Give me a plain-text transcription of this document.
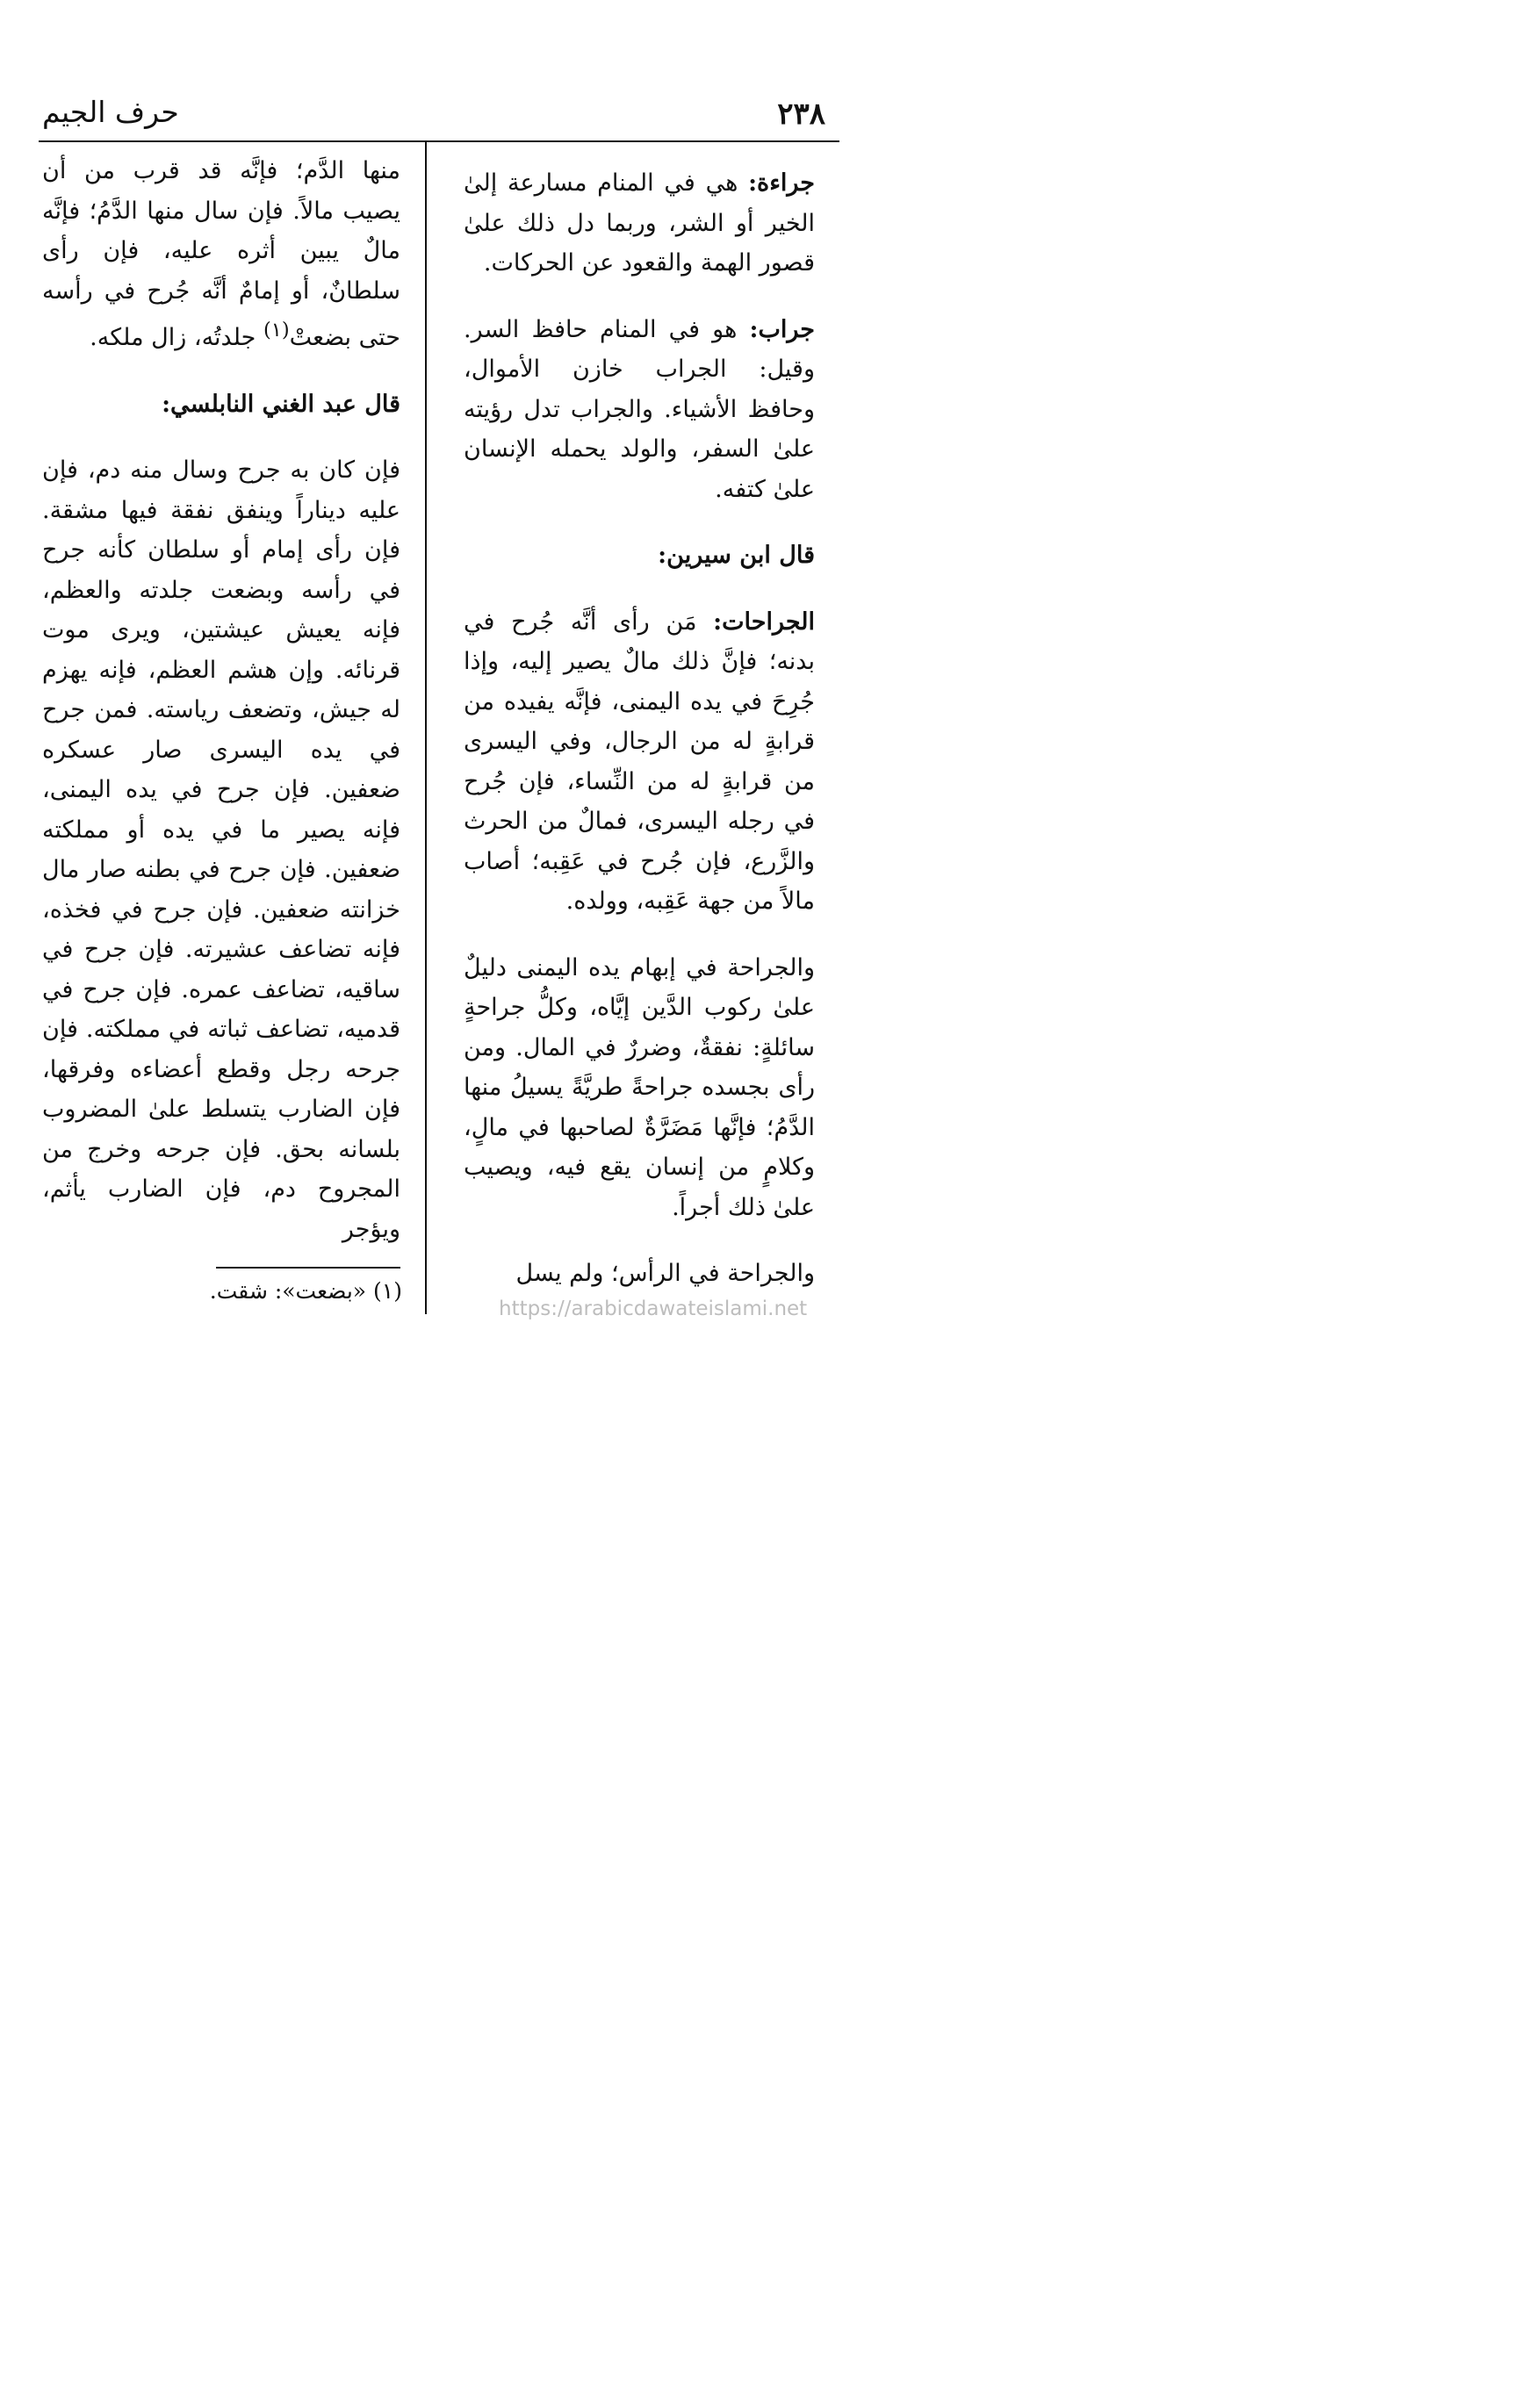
٢٣٨
حرف الجيم

جراءة: هي في المنام مسارعة إلىٰ الخير أو الشر، وربما دل ذلك علىٰ قصور الهمة والقعود عن الحركات.

جراب: هو في المنام حافظ السر. وقيل: الجراب خازن الأموال، وحافظ الأشياء. والجراب تدل رؤيته علىٰ السفر، والولد يحمله الإنسان علىٰ كتفه.

قال ابن سيرين:

الجراحات: مَن رأى أنَّه جُرح في بدنه؛ فإنَّ ذلك مالٌ يصير إليه، وإذا جُرِحَ في يده اليمنى، فإنَّه يفيده من قرابةٍ له من الرجال، وفي اليسرى من قرابةٍ له من النِّساء، فإن جُرح في رجله اليسرى، فمالٌ من الحرث والزَّرع، فإن جُرح في عَقِبه؛ أصاب مالاً من جهة عَقِبه، وولده.

والجراحة في إبهام يده اليمنى دليلٌ علىٰ ركوب الدَّين إيَّاه، وكلُّ جراحةٍ سائلةٍ: نفقةٌ، وضررٌ في المال. ومن رأى بجسده جراحةً طريَّةً يسيلُ منها الدَّمُ؛ فإنَّها مَضَرَّةٌ لصاحبها في مالٍ، وكلامٍ من إنسان يقع فيه، ويصيب علىٰ ذلك أجراً.

والجراحة في الرأس؛ ولم يسل

منها الدَّم؛ فإنَّه قد قرب من أن يصيب مالاً. فإن سال منها الدَّمُ؛ فإنَّه مالٌ يبين أثره عليه، فإن رأى سلطانٌ، أو إمامٌ أنَّه جُرح في رأسه حتى بضعتْ$^{(١)}$ جلدتُه، زال ملكه.

قال عبد الغني النابلسي:

فإن كان به جرح وسال منه دم، فإن عليه ديناراً وينفق نفقة فيها مشقة. فإن رأى إمام أو سلطان كأنه جرح في رأسه وبضعت جلدته والعظم، فإنه يعيش عيشتين، ويرى موت قرنائه. وإن هشم العظم، فإنه يهزم له جيش، وتضعف رياسته. فمن جرح في يده اليسرى صار عسكره ضعفين. فإن جرح في يده اليمنى، فإنه يصير ما في يده أو مملكته ضعفين. فإن جرح في بطنه صار مال خزانته ضعفين. فإن جرح في فخذه، فإنه تضاعف عشيرته. فإن جرح في ساقيه، تضاعف عمره. فإن جرح في قدميه، تضاعف ثباته في مملكته. فإن جرحه رجل وقطع أعضاءه وفرقها، فإن الضارب يتسلط علىٰ المضروب بلسانه بحق. فإن جرحه وخرج من المجروح دم، فإن الضارب يأثم، ويؤجر

(١) «بضعت»: شقت.
https://arabicdawateislami.net
